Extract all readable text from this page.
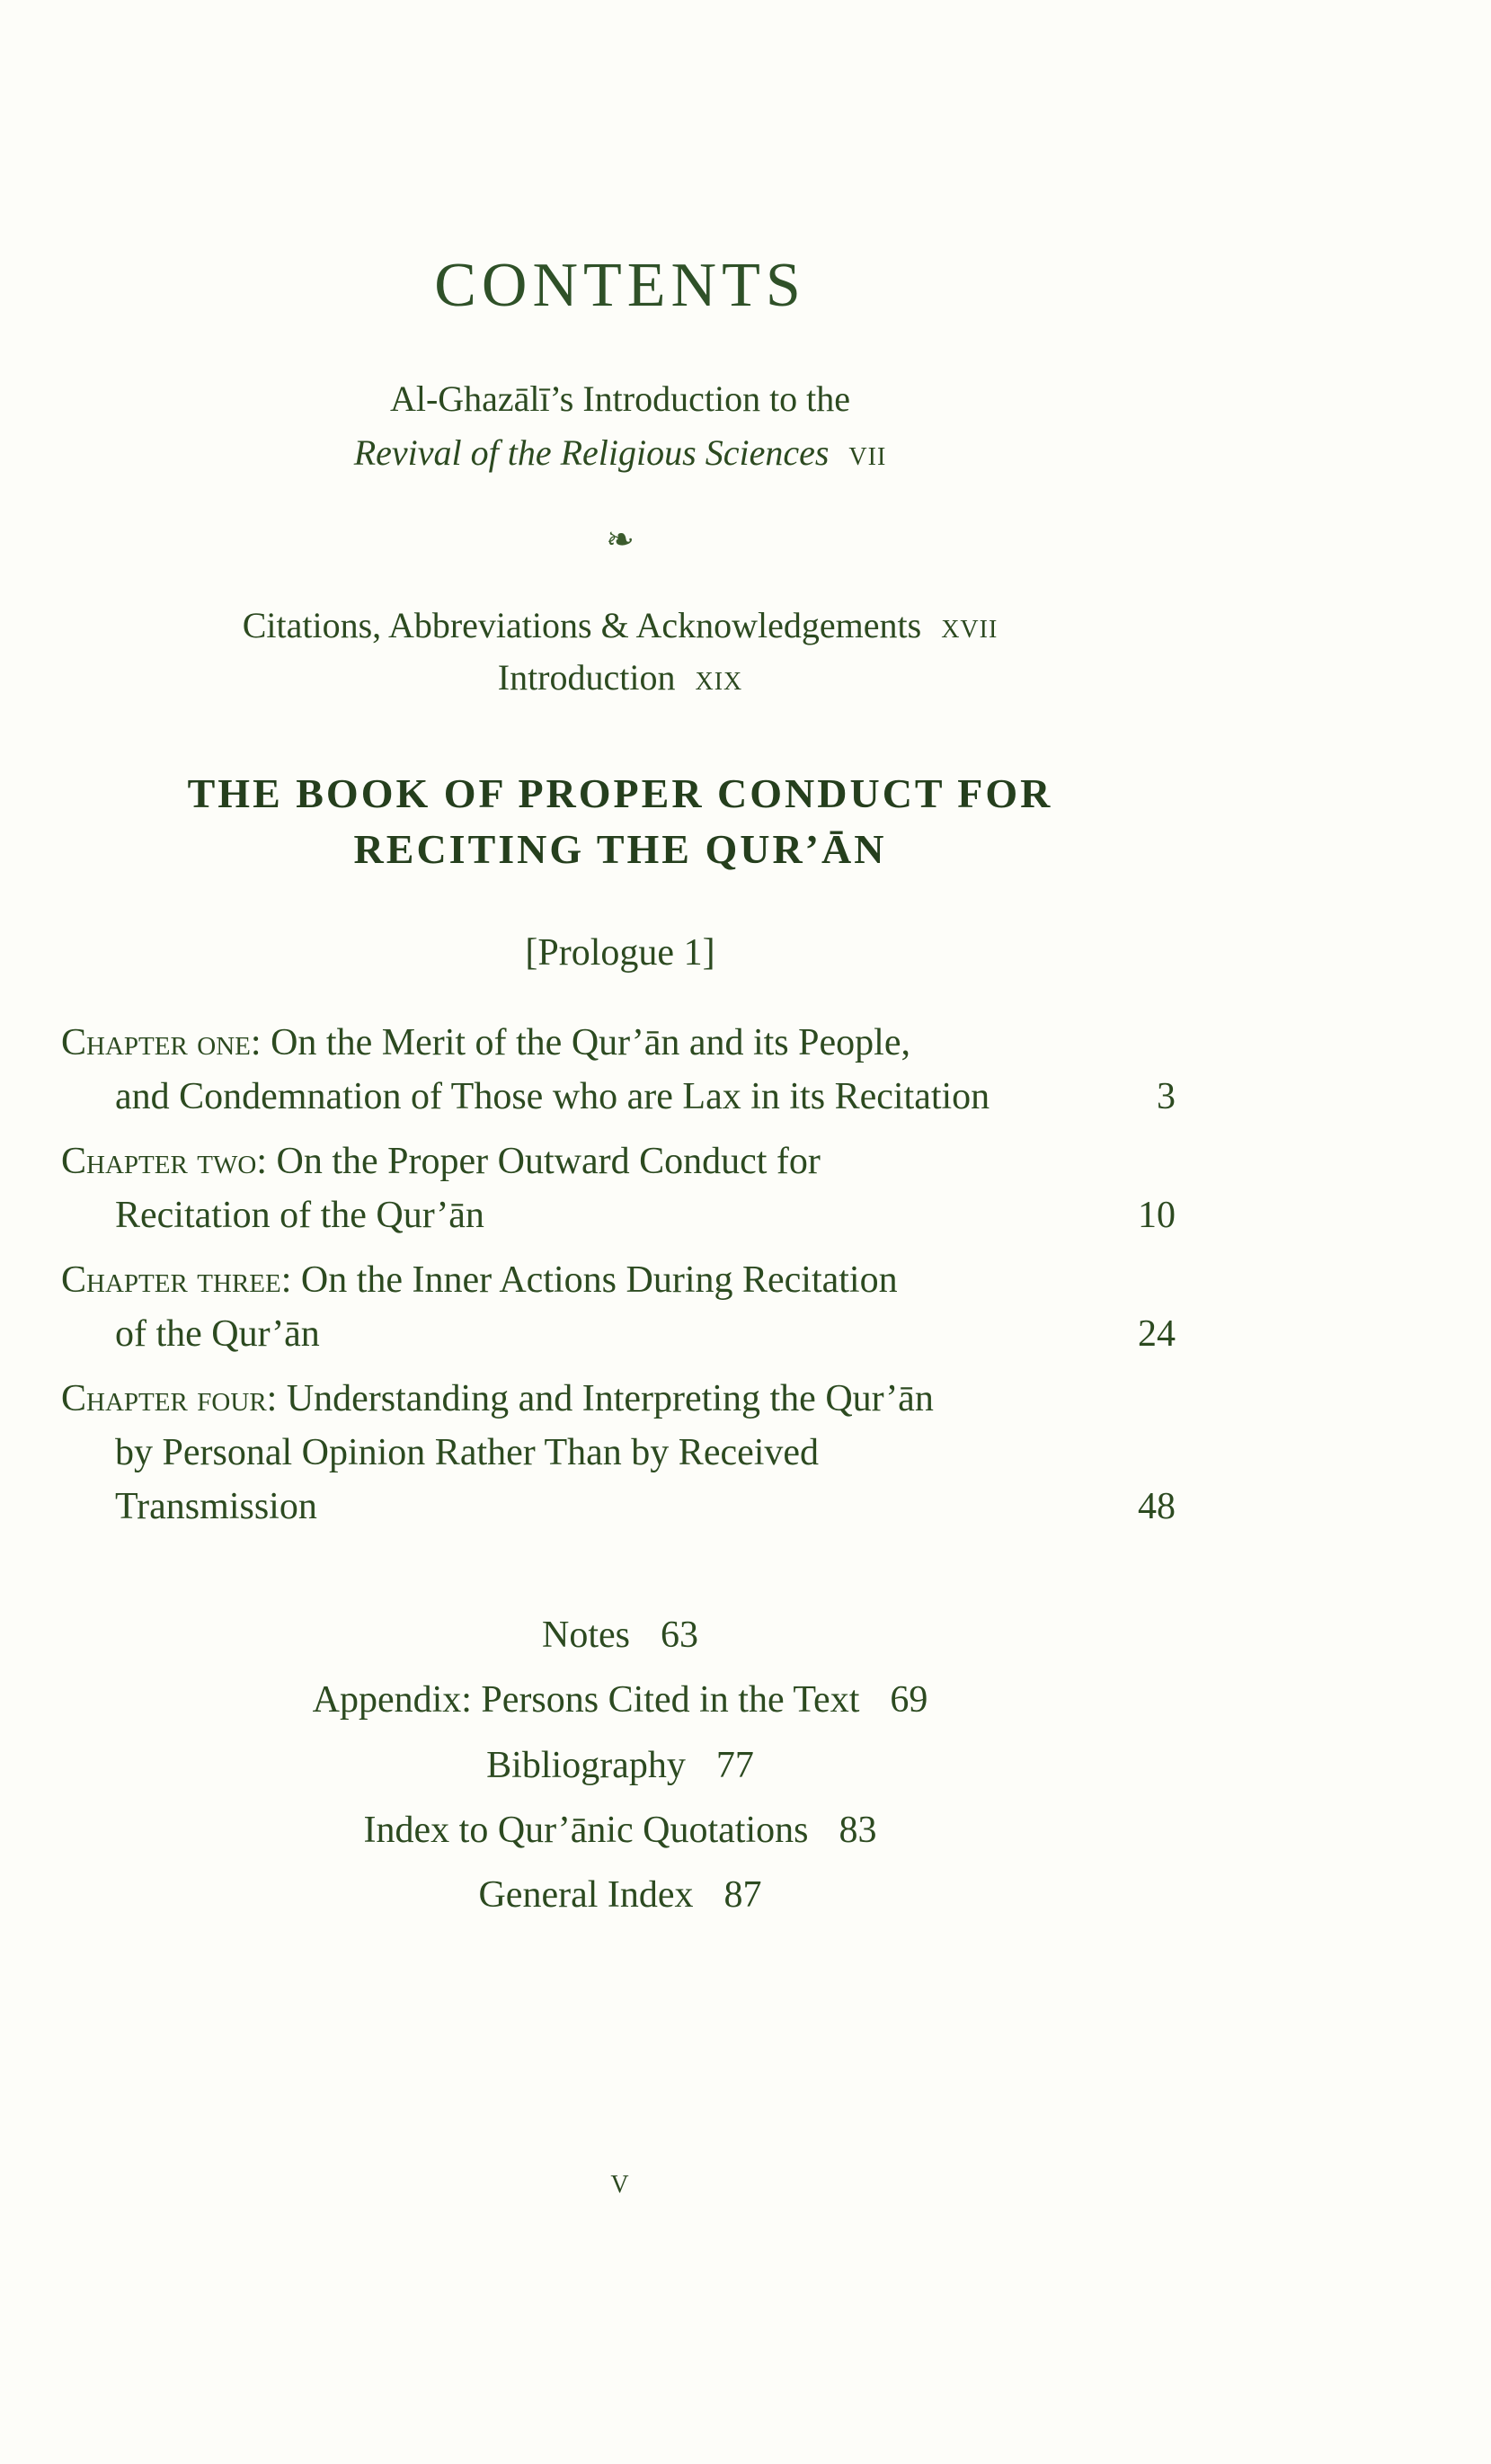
CONTENTS
Al-Ghazālī’s Introduction to the
Revival of the Religious Sciences vii
❧
Citations, Abbreviations & Acknowledgements xvii
Introduction xix
THE BOOK OF PROPER CONDUCT FOR
RECITING THE QUR’ĀN
[Prologue 1]
Chapter one: On the Merit of the Qur’ān and its People,
and Condemnation of Those who are Lax in its Recitation	3
Chapter two: On the Proper Outward Conduct for
Recitation of the Qur’ān	10
Chapter three: On the Inner Actions During Recitation
of the Qur’ān	24
Chapter four: Understanding and Interpreting the Qur’ān
by Personal Opinion Rather Than by Received
Transmission	48
Notes 63
Appendix: Persons Cited in the Text 69
Bibliography 77
Index to Qur’ānic Quotations 83
General Index 87
v
